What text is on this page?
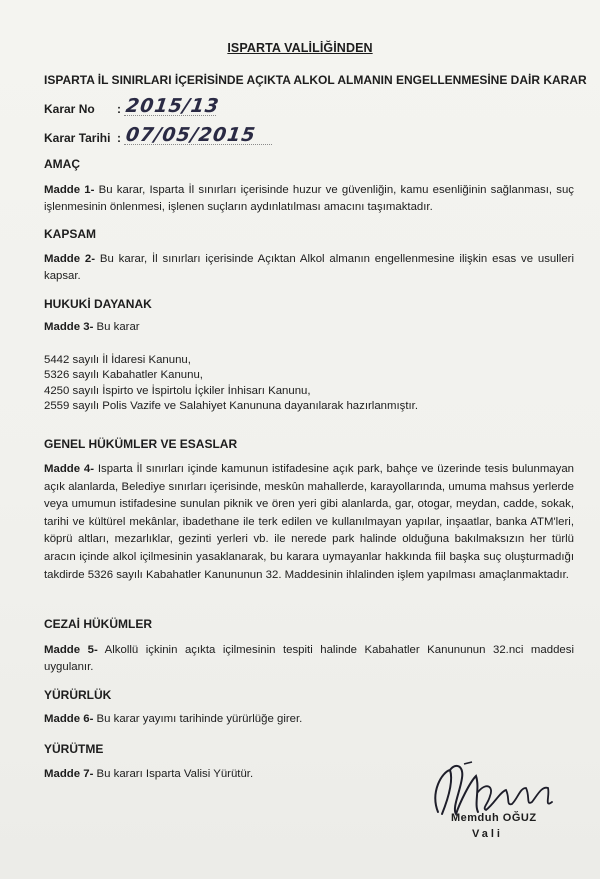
ISPARTA VALİLİĞİNDEN
ISPARTA İL SINIRLARI İÇERİSİNDE AÇIKTA ALKOL ALMANIN ENGELLENMESİNE DAİR KARAR
Karar No : 2015/13
Karar Tarihi : 07/05/2015
AMAÇ
Madde 1- Bu karar, Isparta İl sınırları içerisinde huzur ve güvenliğin, kamu esenliğinin sağlanması, suç işlenmesinin önlenmesi, işlenen suçların aydınlatılması amacını taşımaktadır.
KAPSAM
Madde 2- Bu karar, İl sınırları içerisinde Açıktan Alkol almanın engellenmesine ilişkin esas ve usulleri kapsar.
HUKUKİ DAYANAK
Madde 3- Bu karar
5442 sayılı İl İdaresi Kanunu,
5326 sayılı Kabahatler Kanunu,
4250 sayılı İspirto ve İspirtolu İçkiler İnhisarı Kanunu,
2559 sayılı Polis Vazife ve Salahiyet Kanununa dayanılarak hazırlanmıştır.
GENEL HÜKÜMLER VE ESASLAR
Madde 4- Isparta İl sınırları içinde kamunun istifadesine açık park, bahçe ve üzerinde tesis bulunmayan açık alanlarda, Belediye sınırları içerisinde, meskûn mahallerde, karayollarında, umuma mahsus yerlerde veya umumun istifadesine sunulan piknik ve ören yeri gibi alanlarda, gar, otogar, meydan, cadde, sokak, tarihi ve kültürel mekânlar, ibadethane ile terk edilen ve kullanılmayan yapılar, inşaatlar, banka ATM'leri, köprü altları, mezarlıklar, gezinti yerleri vb. ile nerede park halinde olduğuna bakılmaksızın her türlü aracın içinde alkol içilmesinin yasaklanarak, bu karara uymayanlar hakkında fiil başka suç oluşturmadığı takdirde 5326 sayılı Kabahatler Kanununun 32. Maddesinin ihlalinden işlem yapılması amaçlanmaktadır.
CEZAİ HÜKÜMLER
Madde 5- Alkollü içkinin açıkta içilmesinin tespiti halinde Kabahatler Kanununun 32.nci maddesi uygulanır.
YÜRÜRLÜK
Madde 6- Bu karar yayımı tarihinde yürürlüğe girer.
YÜRÜTME
Madde 7- Bu kararı Isparta Valisi Yürütür.
Memduh OĞUZ
Vali
